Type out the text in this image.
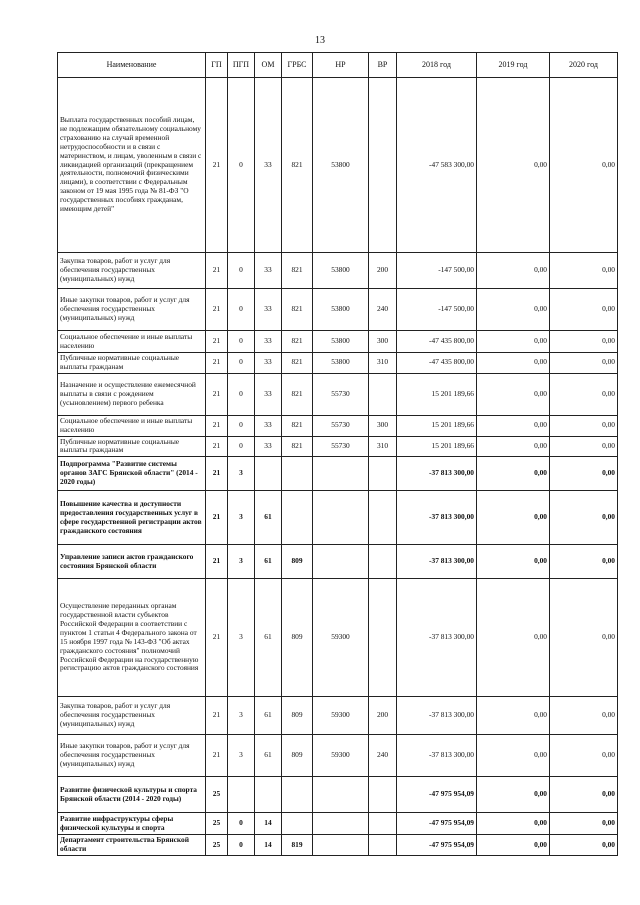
13
Наименование	ГП	ПГП	ОМ	ГРБС	НР	ВР	2018 год	2019 год	2020 год
Выплата государственных пособий лицам, не подлежащим обязательному социальному страхованию на случай временной нетрудоспособности и в связи с материнством, и лицам, уволенным в связи с ликвидацией организаций (прекращением деятельности, полномочий физическими лицами), в соответствии с Федеральным законом от 19 мая 1995 года № 81-ФЗ "О государственных пособиях гражданам, имеющим детей"	21	0	33	821	53800		-47 583 300,00	0,00	0,00
Закупка товаров, работ и услуг для обеспечения государственных (муниципальных) нужд	21	0	33	821	53800	200	-147 500,00	0,00	0,00
Иные закупки товаров, работ и услуг для обеспечения государственных (муниципальных) нужд	21	0	33	821	53800	240	-147 500,00	0,00	0,00
Социальное обеспечение и иные выплаты населению	21	0	33	821	53800	300	-47 435 800,00	0,00	0,00
Публичные нормативные социальные выплаты гражданам	21	0	33	821	53800	310	-47 435 800,00	0,00	0,00
Назначение и осуществление ежемесячной выплаты в связи с рождением (усыновлением) первого ребенка	21	0	33	821	55730		15 201 189,66	0,00	0,00
Социальное обеспечение и иные выплаты населению	21	0	33	821	55730	300	15 201 189,66	0,00	0,00
Публичные нормативные социальные выплаты гражданам	21	0	33	821	55730	310	15 201 189,66	0,00	0,00
Подпрограмма "Развитие системы органов ЗАГС Брянской области" (2014 - 2020 годы)	21	3					-37 813 300,00	0,00	0,00
Повышение качества и доступности предоставления государственных услуг в сфере государственной регистрации актов гражданского состояния	21	3	61				-37 813 300,00	0,00	0,00
Управление записи актов гражданского состояния Брянской области	21	3	61	809			-37 813 300,00	0,00	0,00
Осуществление переданных органам государственной власти субъектов Российской Федерации в соответствии с пунктом 1 статьи 4 Федерального закона от 15 ноября 1997 года № 143-ФЗ "Об актах гражданского состояния" полномочий Российской Федерации на государственную регистрацию актов гражданского состояния	21	3	61	809	59300		-37 813 300,00	0,00	0,00
Закупка товаров, работ и услуг для обеспечения государственных (муниципальных) нужд	21	3	61	809	59300	200	-37 813 300,00	0,00	0,00
Иные закупки товаров, работ и услуг для обеспечения государственных (муниципальных) нужд	21	3	61	809	59300	240	-37 813 300,00	0,00	0,00
Развитие физической культуры и спорта Брянской области (2014 - 2020 годы)	25						-47 975 954,09	0,00	0,00
Развитие инфраструктуры сферы физической культуры и спорта	25	0	14				-47 975 954,09	0,00	0,00
Департамент строительства Брянской области	25	0	14	819			-47 975 954,09	0,00	0,00
